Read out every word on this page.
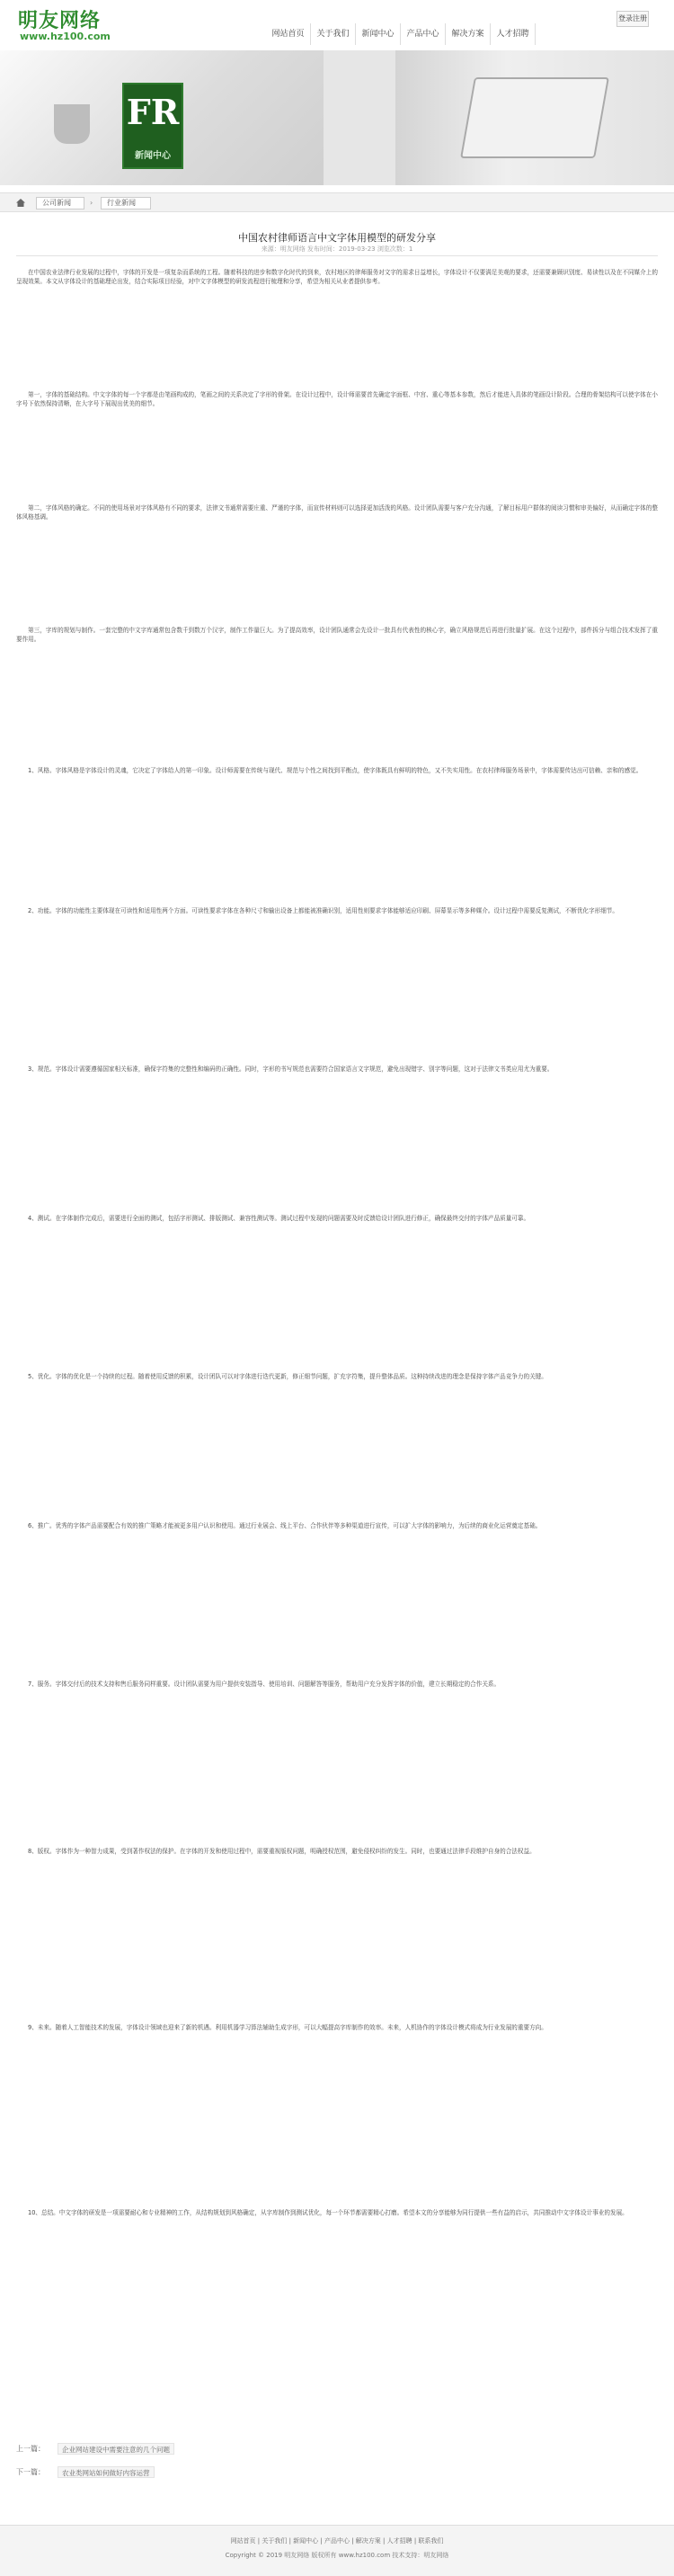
明友网络
www.hz100.com	网站首页	关于我们	新闻中心	产品中心	解决方案	人才招聘
登录注册
FR
新闻中心
公司新闻	›	行业新闻
中国农村律师语言中文字体用模型的研发分享
来源：明友网络 发布时间：2019-03-23 浏览次数：1
在中国农业法律行业发展的过程中，字体的开发是一项复杂而系统的工程。随着科技的进步和数字化时代的到来，农村地区的律师服务对文字的需求日益增长，字体设计不仅要满足美观的要求，还需要兼顾识别度、易读性以及在不同媒介上的呈现效果。本文从字体设计的基础理论出发，结合实际项目经验，对中文字体模型的研发流程进行梳理和分享，希望为相关从业者提供参考。
第一，字体的基础结构。中文字体的每一个字都是由笔画构成的，笔画之间的关系决定了字形的骨架。在设计过程中，设计师需要首先确定字面框、中宫、重心等基本参数，然后才能进入具体的笔画设计阶段。合理的骨架结构可以使字体在小字号下依然保持清晰，在大字号下展现出优美的细节。
第二，字体风格的确定。不同的使用场景对字体风格有不同的要求，法律文书通常需要庄重、严谨的字体，而宣传材料则可以选择更加活泼的风格。设计团队需要与客户充分沟通，了解目标用户群体的阅读习惯和审美偏好，从而确定字体的整体风格基调。
第三，字库的规划与制作。一套完整的中文字库通常包含数千到数万个汉字，制作工作量巨大。为了提高效率，设计团队通常会先设计一批具有代表性的核心字，确立风格规范后再进行批量扩展。在这个过程中，部件拆分与组合技术发挥了重要作用。
1、风格。字体风格是字体设计的灵魂，它决定了字体给人的第一印象。设计师需要在传统与现代、规范与个性之间找到平衡点，使字体既具有鲜明的特色，又不失实用性。在农村律师服务场景中，字体需要传达出可信赖、亲和的感觉。
2、功能。字体的功能性主要体现在可读性和适用性两个方面。可读性要求字体在各种尺寸和输出设备上都能被准确识别，适用性则要求字体能够适应印刷、屏幕显示等多种媒介。设计过程中需要反复测试，不断优化字形细节。
3、规范。字体设计需要遵循国家相关标准，确保字符集的完整性和编码的正确性。同时，字形的书写规范也需要符合国家语言文字规范，避免出现错字、别字等问题，这对于法律文书类应用尤为重要。
4、测试。在字体制作完成后，需要进行全面的测试，包括字形测试、排版测试、兼容性测试等。测试过程中发现的问题需要及时反馈给设计团队进行修正，确保最终交付的字体产品质量可靠。
5、优化。字体的优化是一个持续的过程。随着使用反馈的积累，设计团队可以对字体进行迭代更新，修正细节问题，扩充字符集，提升整体品质。这种持续改进的理念是保持字体产品竞争力的关键。
6、推广。优秀的字体产品需要配合有效的推广策略才能被更多用户认识和使用。通过行业展会、线上平台、合作伙伴等多种渠道进行宣传，可以扩大字体的影响力，为后续的商业化运营奠定基础。
7、服务。字体交付后的技术支持和售后服务同样重要。设计团队需要为用户提供安装指导、使用培训、问题解答等服务，帮助用户充分发挥字体的价值，建立长期稳定的合作关系。
8、版权。字体作为一种智力成果，受到著作权法的保护。在字体的开发和使用过程中，需要重视版权问题，明确授权范围，避免侵权纠纷的发生。同时，也要通过法律手段维护自身的合法权益。
9、未来。随着人工智能技术的发展，字体设计领域也迎来了新的机遇。利用机器学习算法辅助生成字形，可以大幅提高字库制作的效率。未来，人机协作的字体设计模式将成为行业发展的重要方向。
10、总结。中文字体的研发是一项需要耐心和专业精神的工作，从结构规划到风格确定，从字库制作到测试优化，每一个环节都需要精心打磨。希望本文的分享能够为同行提供一些有益的启示，共同推动中文字体设计事业的发展。
上一篇：	企业网站建设中需要注意的几个问题
下一篇：	农业类网站如何做好内容运营
网站首页 | 关于我们 | 新闻中心 | 产品中心 | 解决方案 | 人才招聘 | 联系我们
Copyright © 2019 明友网络 版权所有 www.hz100.com 技术支持：明友网络
